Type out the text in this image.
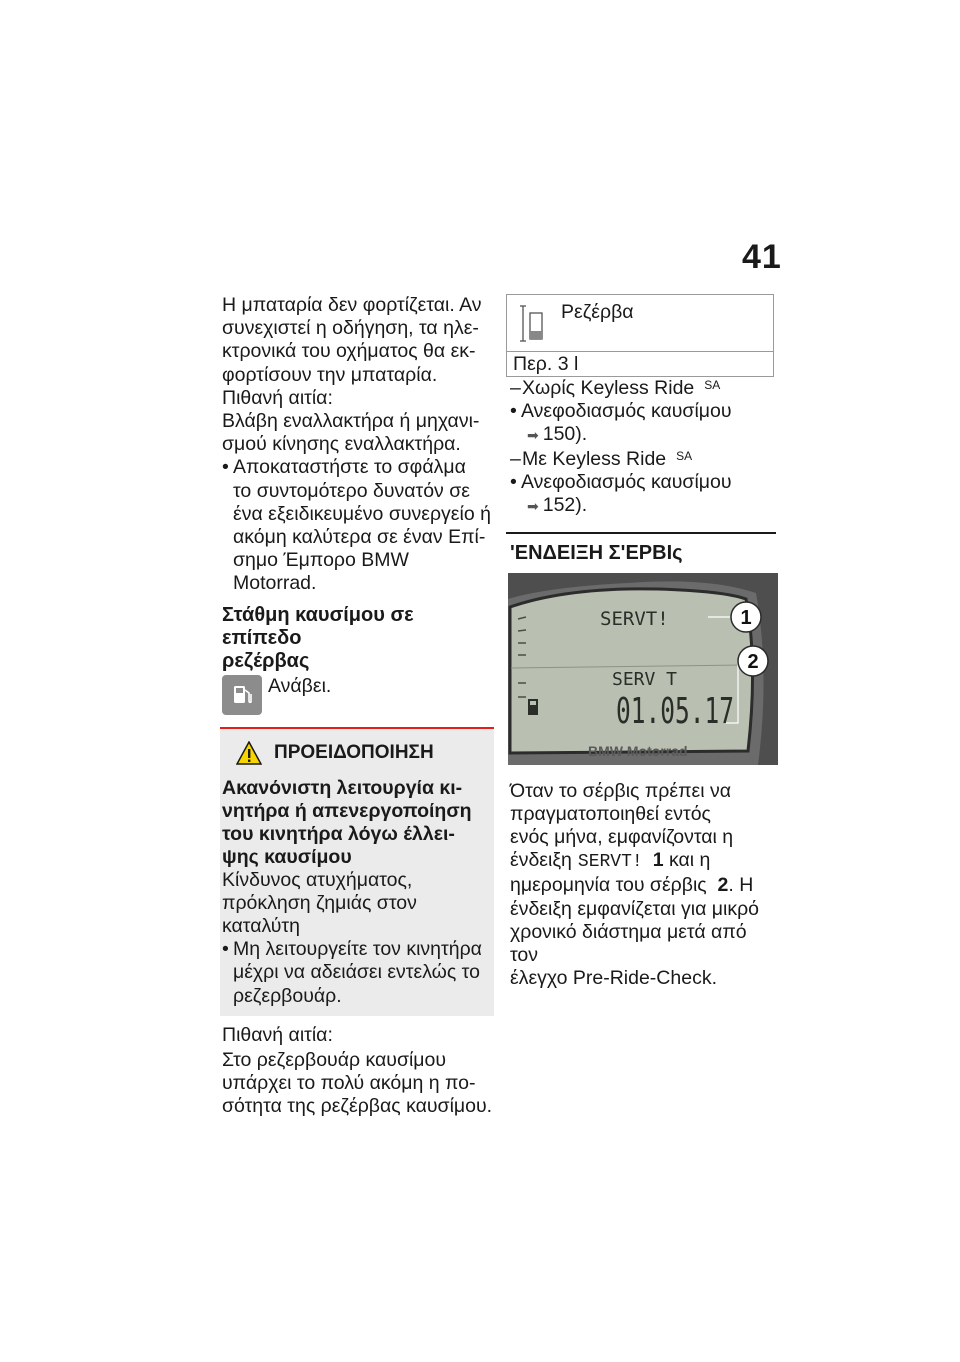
41

Η μπαταρία δεν φορτίζεται. Αν
συνεχιστεί η οδήγηση, τα ηλε-
κτρονικά του οχήματος θα εκ-
φορτίσουν την μπαταρία.

Πιθανή αιτία:

Βλάβη εναλλακτήρα ή μηχανι-
σμού κίνησης εναλλακτήρα.

• Αποκαταστήστε το σφάλμα
το συντομότερο δυνατόν σε
ένα εξειδικευμένο συνεργείο ή
ακόμη καλύτερα σε έναν Επί-
σημο Έμπορο BMW Motorrad.
Στάθμη καυσίμου σε επίπεδο
ρεζέρβας
Ανάβει.
ΠΡΟΕΙΔΟΠΟΙΗΣΗ
Ακανόνιστη λειτουργία κι-
νητήρα ή απενεργοποίηση
του κινητήρα λόγω έλλει-
ψης καυσίμου

Κίνδυνος ατυχήματος,
πρόκληση ζημιάς στον
καταλύτη

• Μη λειτουργείτε τον κινητήρα
μέχρι να αδειάσει εντελώς το
ρεζερβουάρ.

Πιθανή αιτία:

Στο ρεζερβουάρ καυσίμου
υπάρχει το πολύ ακόμη η πο-
σότητα της ρεζέρβας καυσίμου.

Ρεζέρβα
Περ. 3 l
– Χωρίς Keyless Ride $^{SA}$
• Ανεφοδιασμός καυσίμου
➡ 150).
– Με Keyless Ride $^{SA}$
• Ανεφοδιασμός καυσίμου
➡ 152).
'ΕΝΔΕΙΞΗ Σ'ΕΡΒΙς
SERVT!
SERV T
01.05.17
1
2
BMW Motorrad

Όταν το σέρβις πρέπει να
πραγματοποιηθεί εντός
ενός μήνα, εμφανίζονται η
ένδειξη SERVT! 1 και η
ημερομηνία του σέρβις 2. Η
ένδειξη εμφανίζεται για μικρό
χρονικό διάστημα μετά από τον
έλεγχο Pre-Ride-Check.
